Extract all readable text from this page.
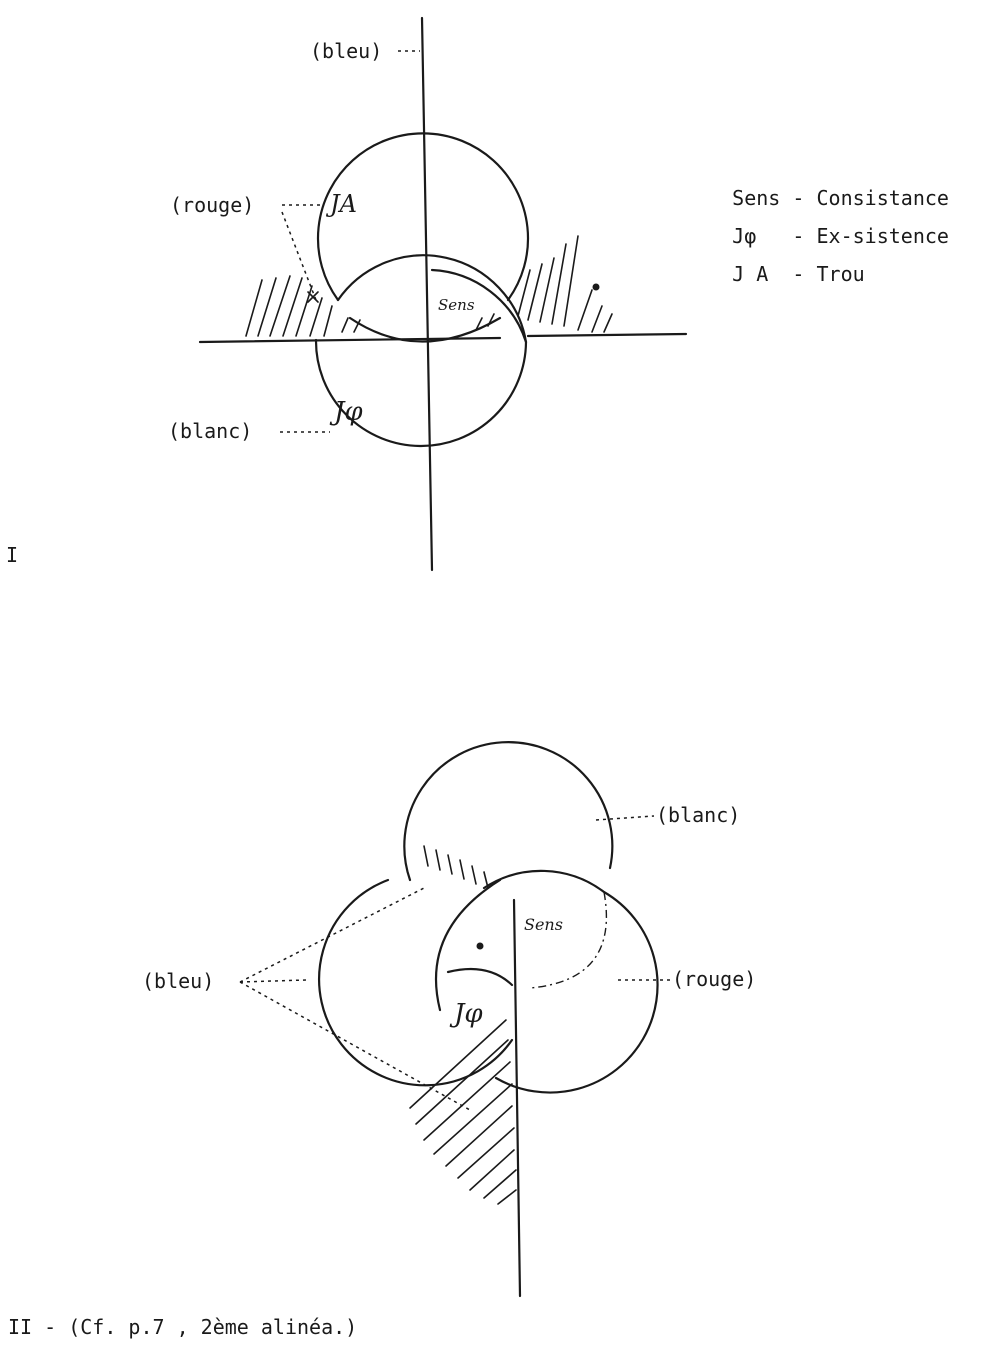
(bleu)
(rouge)
(blanc)
JA
Jφ
Sens
I
(blanc)
(bleu)	(rouge)
Sens
Jφ
II - (Cf. p.7 , 2ème alinéa.)

Sens - Consistance

Jφ - Ex-sistence

J A - Trou
